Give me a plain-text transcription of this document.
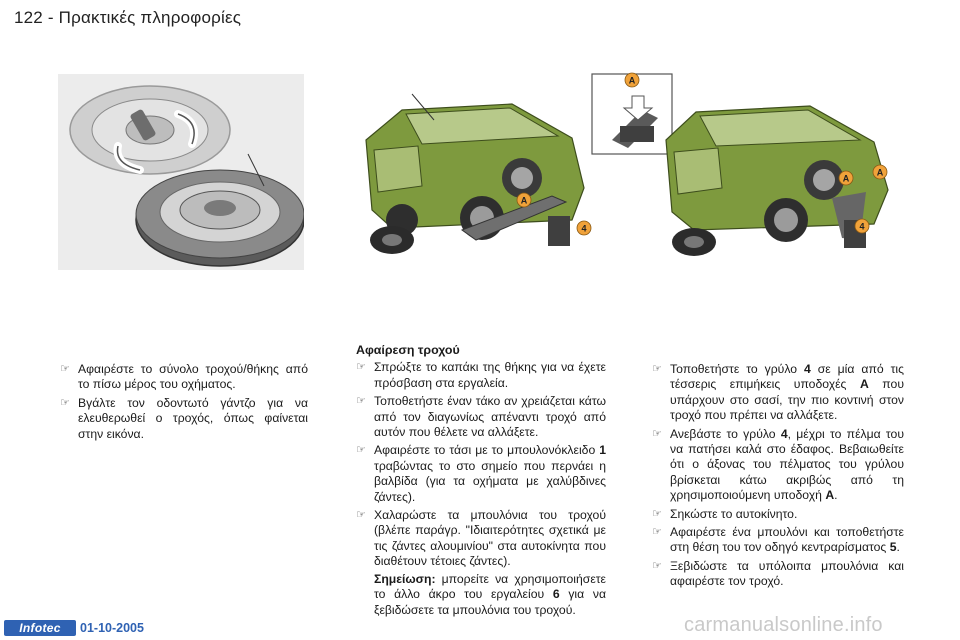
122 - Πρακτικές πληροφορίες
A
A
4
A
A
4
☞ Αφαιρέστε το σύνολο τροχού/θήκης από το πίσω μέρος του οχήματος.
☞ Βγάλτε τον οδοντωτό γάντζο για να ελευθερωθεί ο τροχός, όπως φαίνεται στην εικόνα.
Αφαίρεση τροχού
☞ Σπρώξτε το καπάκι της θήκης για να έχετε πρόσβαση στα εργαλεία.
☞ Τοποθετήστε έναν τάκο αν χρειάζεται κάτω από τον διαγωνίως απέναντι τροχό από αυτόν που θέλετε να αλλάξετε.
☞ Αφαιρέστε το τάσι με το μπουλονόκλειδο 1 τραβώντας το στο σημείο που περνάει η βαλβίδα (για τα οχήματα με χαλύβδινες ζάντες).
☞ Χαλαρώστε τα μπουλόνια του τροχού (βλέπε παράγρ. "Ιδιαιτερότητες σχετικά με τις ζάντες αλουμινίου" στα αυτοκίνητα που διαθέτουν τέτοιες ζάντες).
Σημείωση: μπορείτε να χρησιμοποιήσετε το άλλο άκρο του εργαλείου 6 για να ξεβιδώσετε τα μπουλόνια του τροχού.
☞ Τοποθετήστε το γρύλο 4 σε μία από τις τέσσερις επιμήκεις υποδοχές A που υπάρχουν στο σασί, την πιο κοντινή στον τροχό που πρέπει να αλλάξετε.
☞ Ανεβάστε το γρύλο 4, μέχρι το πέλμα του να πατήσει καλά στο έδαφος. Βεβαιωθείτε ότι ο άξονας του πέλματος του γρύλου βρίσκεται κάτω ακριβώς από τη χρησιμοποιούμενη υποδοχή A.
☞ Σηκώστε το αυτοκίνητο.
☞ Αφαιρέστε ένα μπουλόνι και τοποθετήστε στη θέση του τον οδηγό κεντραρίσματος 5.
☞ Ξεβιδώστε τα υπόλοιπα μπουλόνια και αφαιρέστε τον τροχό.
Infotec	01-10-2005	carmanualsonline.info
